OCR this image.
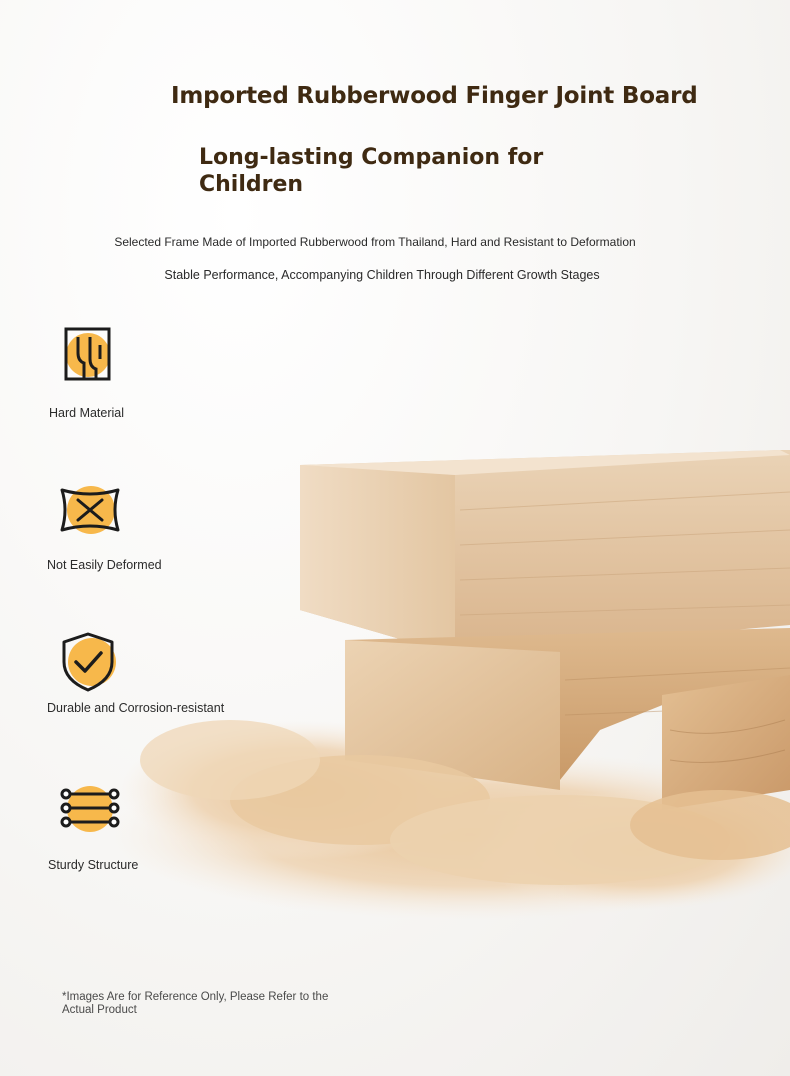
Imported Rubberwood Finger Joint Board
Long-lasting Companion for Children
Selected Frame Made of Imported Rubberwood from Thailand, Hard and Resistant to Deformation
Stable Performance, Accompanying Children Through Different Growth Stages
Hard Material
Not Easily Deformed
Durable and Corrosion-resistant
Sturdy Structure
*Images Are for Reference Only, Please Refer to the Actual Product
